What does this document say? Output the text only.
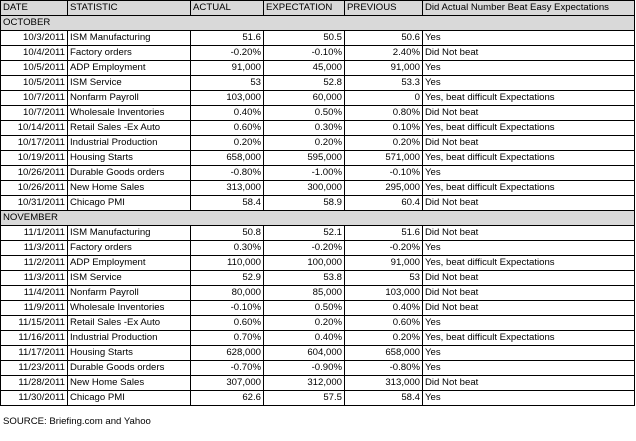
DATE	STATISTIC	ACTUAL	EXPECTATION	PREVIOUS	Did Actual Number Beat Easy Expectations
OCTOBER					
10/3/2011	ISM Manufacturing	51.6	50.5	50.6	Yes
10/4/2011	Factory orders	-0.20%	-0.10%	2.40%	Did Not beat
10/5/2011	ADP Employment	91,000	45,000	91,000	Yes
10/5/2011	ISM Service	53	52.8	53.3	Yes
10/7/2011	Nonfarm Payroll	103,000	60,000	0	Yes, beat difficult Expectations
10/7/2011	Wholesale Inventories	0.40%	0.50%	0.80%	Did Not beat
10/14/2011	Retail Sales -Ex Auto	0.60%	0.30%	0.10%	Yes, beat difficult Expectations
10/17/2011	Industrial Production	0.20%	0.20%	0.20%	Did Not beat
10/19/2011	Housing Starts	658,000	595,000	571,000	Yes, beat difficult Expectations
10/26/2011	Durable Goods orders	-0.80%	-1.00%	-0.10%	Yes
10/26/2011	New Home Sales	313,000	300,000	295,000	Yes, beat difficult Expectations
10/31/2011	Chicago PMI	58.4	58.9	60.4	Did Not beat
NOVEMBER					
11/1/2011	ISM Manufacturing	50.8	52.1	51.6	Did Not beat
11/3/2011	Factory orders	0.30%	-0.20%	-0.20%	Yes
11/2/2011	ADP Employment	110,000	100,000	91,000	Yes, beat difficult Expectations
11/3/2011	ISM Service	52.9	53.8	53	Did Not beat
11/4/2011	Nonfarm Payroll	80,000	85,000	103,000	Did Not beat
11/9/2011	Wholesale Inventories	-0.10%	0.50%	0.40%	Did Not beat
11/15/2011	Retail Sales -Ex Auto	0.60%	0.20%	0.60%	Yes
11/16/2011	Industrial Production	0.70%	0.40%	0.20%	Yes, beat difficult Expectations
11/17/2011	Housing Starts	628,000	604,000	658,000	Yes
11/23/2011	Durable Goods orders	-0.70%	-0.90%	-0.80%	Yes
11/28/2011	New Home Sales	307,000	312,000	313,000	Did Not beat
11/30/2011	Chicago PMI	62.6	57.5	58.4	Yes
SOURCE: Briefing.com and Yahoo
